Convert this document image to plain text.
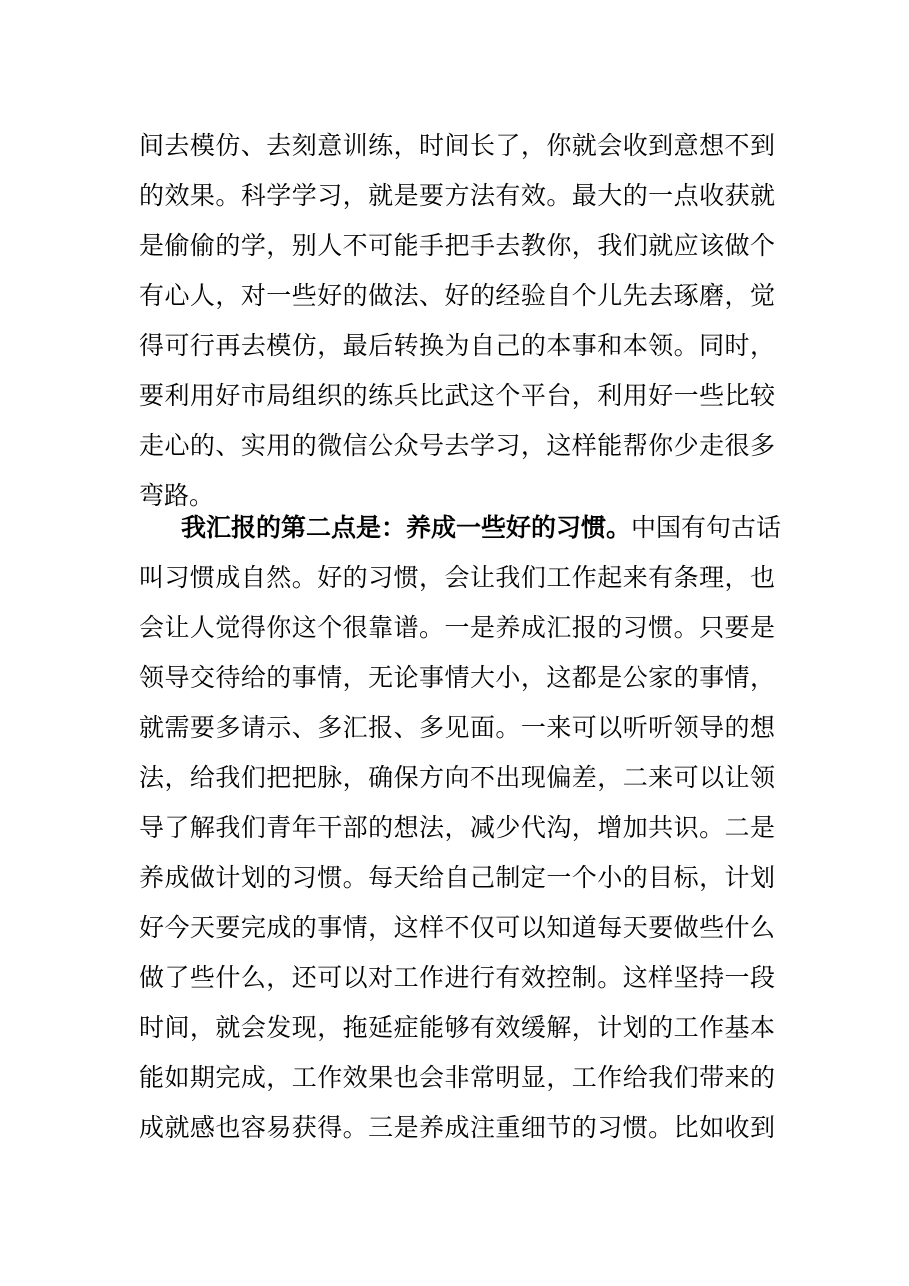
间去模仿、去刻意训练，时间长了，你就会收到意想不到
的效果。科学学习，就是要方法有效。最大的一点收获就
是偷偷的学，别人不可能手把手去教你，我们就应该做个
有心人，对一些好的做法、好的经验自个儿先去琢磨，觉
得可行再去模仿，最后转换为自己的本事和本领。同时，
要利用好市局组织的练兵比武这个平台，利用好一些比较
走心的、实用的微信公众号去学习，这样能帮你少走很多
弯路。
我汇报的第二点是：养成一些好的习惯。中国有句古话
叫习惯成自然。好的习惯，会让我们工作起来有条理，也
会让人觉得你这个很靠谱。一是养成汇报的习惯。只要是
领导交待给的事情，无论事情大小，这都是公家的事情，
就需要多请示、多汇报、多见面。一来可以听听领导的想
法，给我们把把脉，确保方向不出现偏差，二来可以让领
导了解我们青年干部的想法，减少代沟，增加共识。二是
养成做计划的习惯。每天给自己制定一个小的目标，计划
好今天要完成的事情，这样不仅可以知道每天要做些什么
做了些什么，还可以对工作进行有效控制。这样坚持一段
时间，就会发现，拖延症能够有效缓解，计划的工作基本
能如期完成，工作效果也会非常明显，工作给我们带来的
成就感也容易获得。三是养成注重细节的习惯。比如收到
